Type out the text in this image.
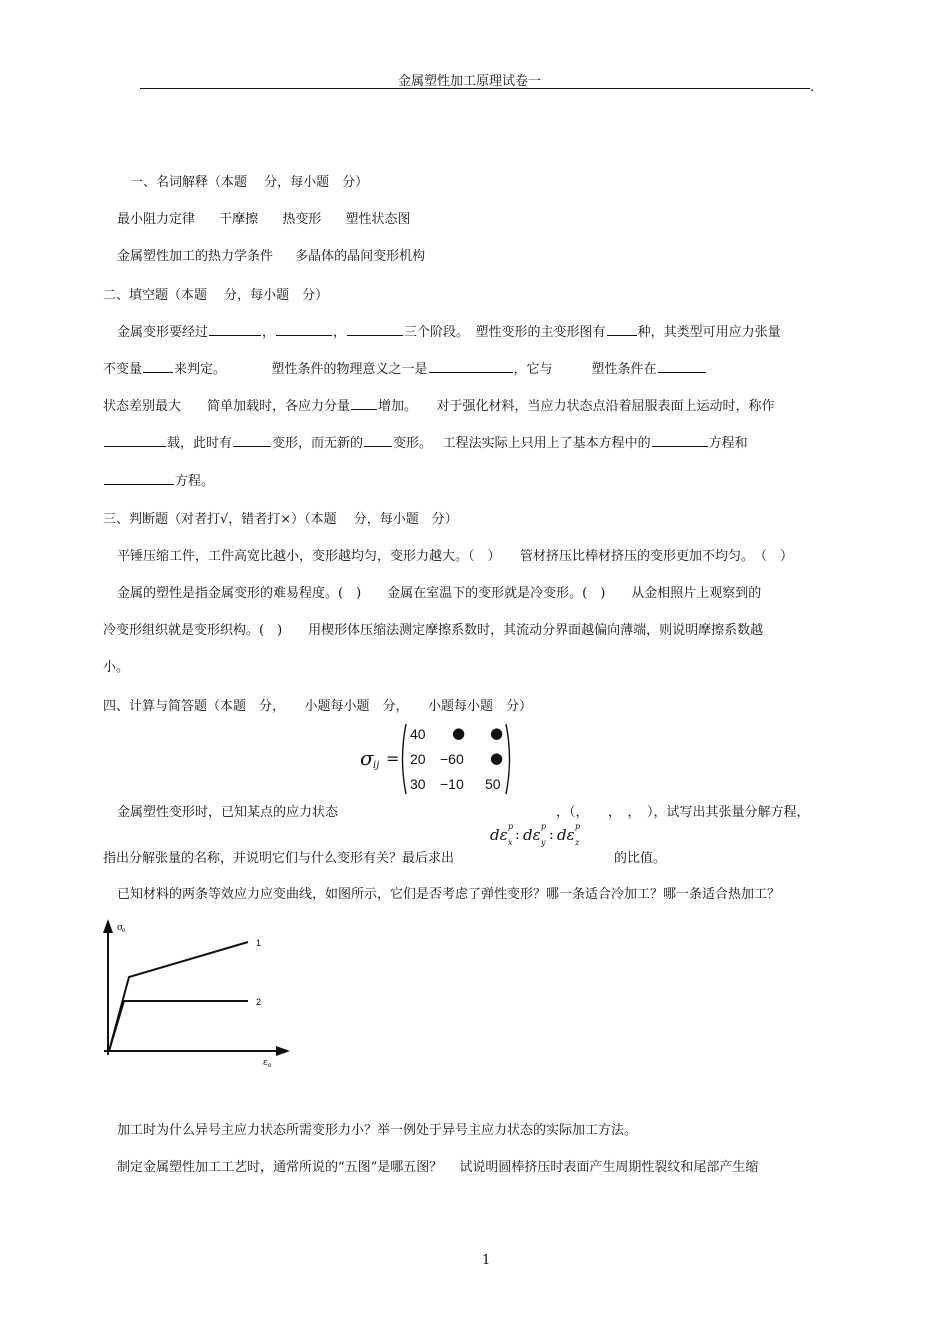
金属塑性加工原理试卷一	.
一、名词解释（本题　 分，每小题　分）
最小阻力定律 干摩擦 热变形 塑性状态图
金属塑性加工的热力学条件 多晶体的晶间变形机构
二、填空题（本题　 分，每小题　分）
金属变形要经过	，	，	三个阶段。　塑性变形的主变形图有 种，其类型可用应力张量
不变量 来判定。　　　　塑性条件的物理意义之一是	，它与　　　塑性条件在
状态差别最大　　简单加载时，各应力分量 增加。　　对于强化材料，当应力状态点沿着屈服表面上运动时，称作
载，此时有	变形，而无新的 变形。　 工程法实际上只用上了基本方程中的	方程和
方程。
三、判断题（对者打√，错者打×）（本题　 分，每小题　分）
平锤压缩工件，工件高宽比越小，变形越均匀，变形力越大。（　）　　管材挤压比棒材挤压的变形更加不均匀。　（　）
金属的塑性是指金属变形的难易程度。(　)　　金属在室温下的变形就是冷变形。(　)　　从金相照片上观察到的
冷变形组织就是变形织构。(　)　　用楔形体压缩法测定摩擦系数时，其流动分界面越偏向薄端，则说明摩擦系数越
小。
四、计算与简答题（本题　分，　　小题每小题　分，　　小题每小题　分）
σ ij =
40 ● ●
20 −60 ●
30 −10 50
金属塑性变形时，已知某点的应力状态	，（，　　，　，　），试写出其张量分解方程，
dε p
x : dε p
y : dε p
z
指出分解张量的名称，并说明它们与什么变形有关？最后求出	的比值。
已知材料的两条等效应力应变曲线，如图所示，它们是否考虑了弹性变形？哪一条适合冷加工？哪一条适合热加工？
1
2
σ
e
ε e
加工时为什么异号主应力状态所需变形力小？举一例处于异号主应力状态的实际加工方法。
制定金属塑性加工工艺时，通常所说的“五图”是哪五图？　 试说明圆棒挤压时表面产生周期性裂纹和尾部产生缩
1
